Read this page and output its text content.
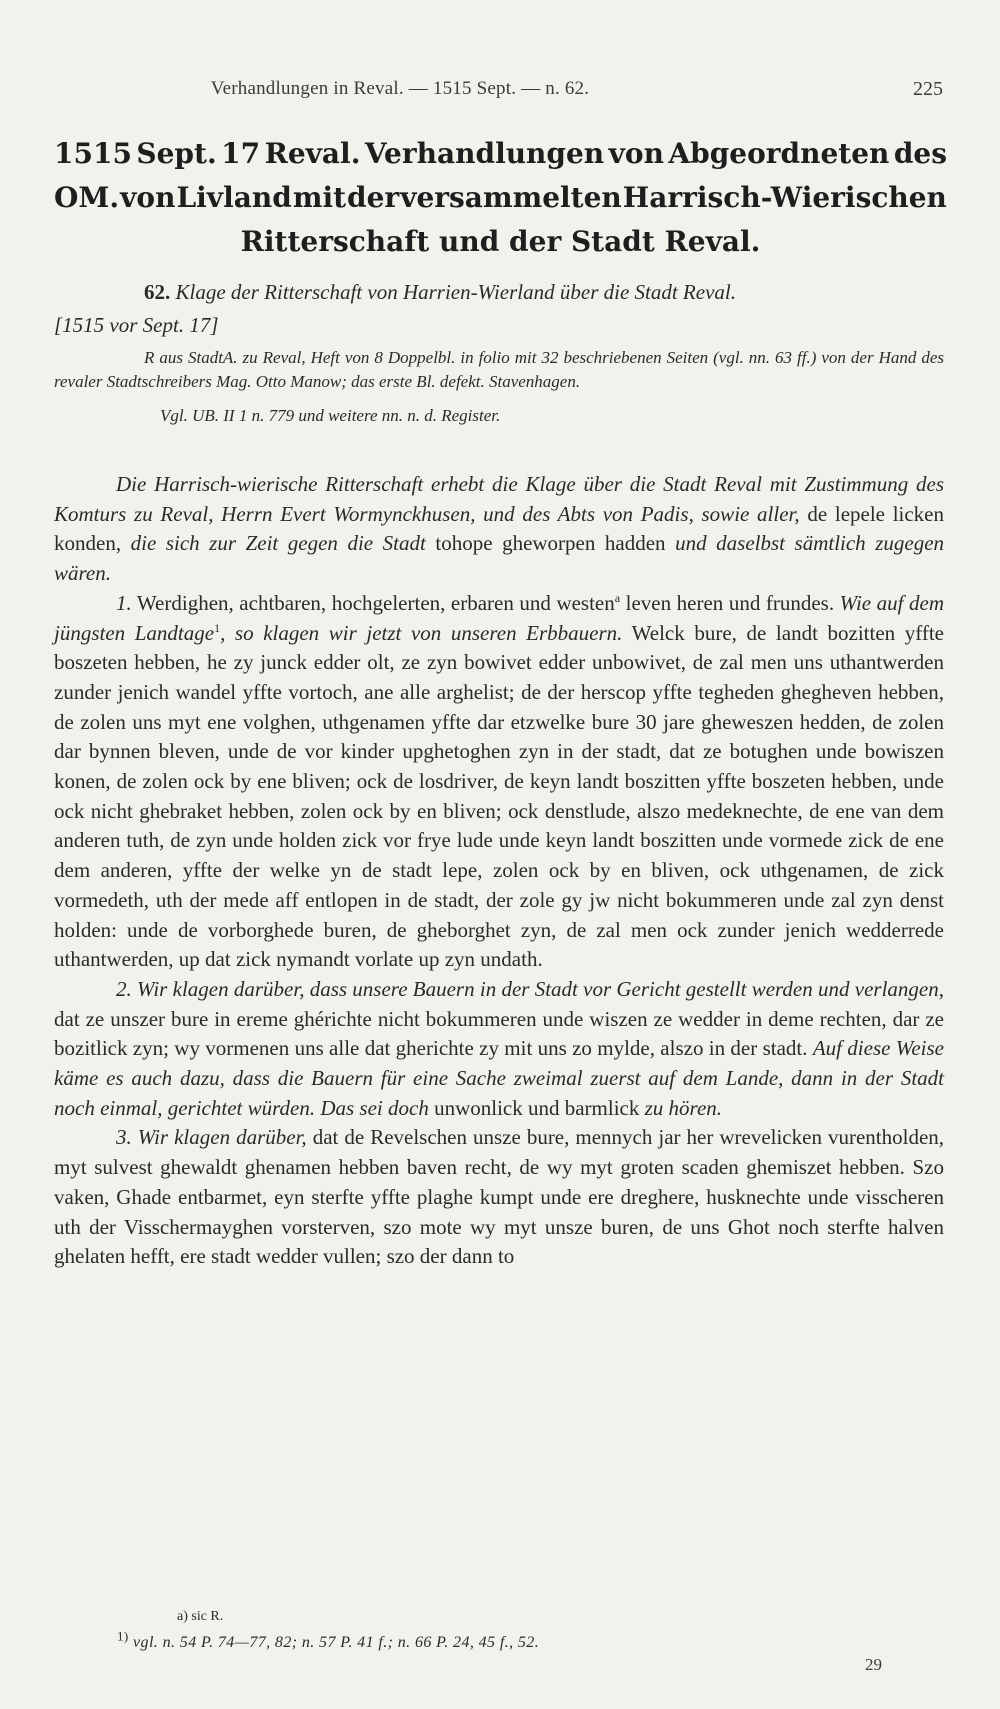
Verhandlungen in Reval. — 1515 Sept. — n. 62.	225
1515 Sept. 17 Reval. Verhandlungen von Abgeordneten des
OM. von Livland mit der versammelten Harrisch-Wierischen
Ritterschaft und der Stadt Reval.
62. Klage der Ritterschaft von Harrien-Wierland über die Stadt Reval.
[1515 vor Sept. 17]
R aus StadtA. zu Reval, Heft von 8 Doppelbl. in folio mit 32 beschriebenen Seiten (vgl. nn. 63 ff.) von der Hand des revaler Stadtschreibers Mag. Otto Manow; das erste Bl. defekt. Stavenhagen.
Vgl. UB. II 1 n. 779 und weitere nn. n. d. Register.

Die Harrisch-wierische Ritterschaft erhebt die Klage über die Stadt Reval mit Zustimmung des Komturs zu Reval, Herrn Evert Wormynckhusen, und des Abts von Padis, sowie aller, de lepele licken konden, die sich zur Zeit gegen die Stadt tohope gheworpen hadden und daselbst sämtlich zugegen wären.

1. Werdighen, achtbaren, hochgelerten, erbaren und westen$^a$ leven heren und frundes. Wie auf dem jüngsten Landtage$^1$, so klagen wir jetzt von unseren Erbbauern. Welck bure, de landt bozitten yffte boszeten hebben, he zy junck edder olt, ze zyn bowivet edder unbowivet, de zal men uns uthantwerden zunder jenich wandel yffte vortoch, ane alle arghelist; de der herscop yffte tegheden ghegheven hebben, de zolen uns myt ene volghen, uthgenamen yffte dar etzwelke bure 30 jare gheweszen hedden, de zolen dar bynnen bleven, unde de vor kinder upghetoghen zyn in der stadt, dat ze botughen unde bowiszen konen, de zolen ock by ene bliven; ock de losdriver, de keyn landt boszitten yffte boszeten hebben, unde ock nicht ghebraket hebben, zolen ock by en bliven; ock denstlude, alszo medeknechte, de ene van dem anderen tuth, de zyn unde holden zick vor frye lude unde keyn landt boszitten unde vormede zick de ene dem anderen, yffte der welke yn de stadt lepe, zolen ock by en bliven, ock uthgenamen, de zick vormedeth, uth der mede aff entlopen in de stadt, der zole gy jw nicht bokummeren unde zal zyn denst holden: unde de vorborghede buren, de gheborghet zyn, de zal men ock zunder jenich wedderrede uthantwerden, up dat zick nymandt vorlate up zyn undath.

2. Wir klagen darüber, dass unsere Bauern in der Stadt vor Gericht gestellt werden und verlangen, dat ze unszer bure in ereme ghérichte nicht bokummeren unde wiszen ze wedder in deme rechten, dar ze bozitlick zyn; wy vormenen uns alle dat gherichte zy mit uns zo mylde, alszo in der stadt. Auf diese Weise käme es auch dazu, dass die Bauern für eine Sache zweimal zuerst auf dem Lande, dann in der Stadt noch einmal, gerichtet würden. Das sei doch unwonlick und barmlick zu hören.

3. Wir klagen darüber, dat de Revelschen unsze bure, mennych jar her wrevelicken vurentholden, myt sulvest ghewaldt ghenamen hebben baven recht, de wy myt groten scaden ghemiszet hebben. Szo vaken, Ghade entbarmet, eyn sterfte yffte plaghe kumpt unde ere dreghere, husknechte unde visscheren uth der Visschermayghen vorsterven, szo mote wy myt unsze buren, de uns Ghot noch sterfte halven ghelaten hefft, ere stadt wedder vullen; szo der dann to

a) sic R.
$^{1)}$ vgl. n. 54 P. 74—77, 82; n. 57 P. 41 f.; n. 66 P. 24, 45 f., 52.
29
